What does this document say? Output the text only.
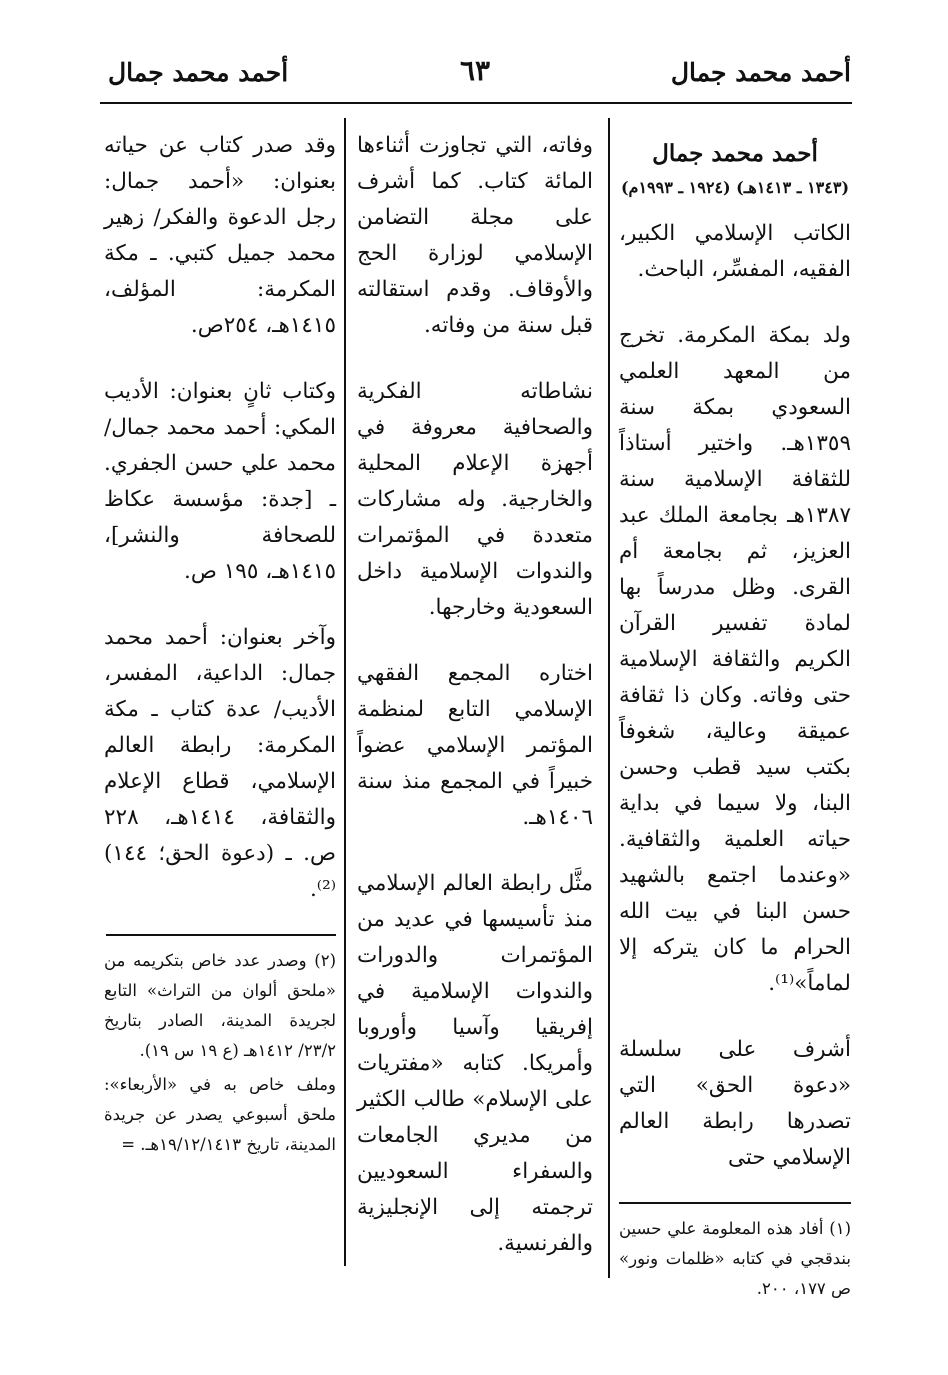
أحمد محمد جمال
٦٣
أحمد محمد جمال
أحمد محمد جمال
(١٣٤٣ ـ ١٤١٣هـ) (١٩٢٤ ـ ١٩٩٣م)

الكاتب الإسلامي الكبير، الفقيه، المفسِّر، الباحث.

ولد بمكة المكرمة. تخرج من المعهد العلمي السعودي بمكة سنة ١٣٥٩هـ. واختير أستاذاً للثقافة الإسلامية سنة ١٣٨٧هـ بجامعة الملك عبد العزيز، ثم بجامعة أم القرى. وظل مدرساً بها لمادة تفسير القرآن الكريم والثقافة الإسلامية حتى وفاته. وكان ذا ثقافة عميقة وعالية، شغوفاً بكتب سيد قطب وحسن البنا، ولا سيما في بداية حياته العلمية والثقافية. «وعندما اجتمع بالشهيد حسن البنا في بيت الله الحرام ما كان يتركه إلا لماماً»⁽¹⁾.

أشرف على سلسلة «دعوة الحق» التي تصدرها رابطة العالم الإسلامي حتى

(١) أفاد هذه المعلومة علي حسين بندقجي في كتابه «ظلمات ونور» ص ١٧٧، ٢٠٠.

وفاته، التي تجاوزت أثناءها المائة كتاب. كما أشرف على مجلة التضامن الإسلامي لوزارة الحج والأوقاف. وقدم استقالته قبل سنة من وفاته.

نشاطاته الفكرية والصحافية معروفة في أجهزة الإعلام المحلية والخارجية. وله مشاركات متعددة في المؤتمرات والندوات الإسلامية داخل السعودية وخارجها.

اختاره المجمع الفقهي الإسلامي التابع لمنظمة المؤتمر الإسلامي عضواً خبيراً في المجمع منذ سنة ١٤٠٦هـ.

مثَّل رابطة العالم الإسلامي منذ تأسيسها في عديد من المؤتمرات والدورات والندوات الإسلامية في إفريقيا وآسيا وأوروبا وأمريكا. كتابه «مفتريات على الإسلام» طالب الكثير من مديري الجامعات والسفراء السعوديين ترجمته إلى الإنجليزية والفرنسية.

وقد صدر كتاب عن حياته بعنوان: «أحمد جمال: رجل الدعوة والفكر/ زهير محمد جميل كتبي. ـ مكة المكرمة: المؤلف، ١٤١٥هـ، ٢٥٤ص.

وكتاب ثانٍ بعنوان: الأديب المكي: أحمد محمد جمال/ محمد علي حسن الجفري. ـ [جدة: مؤسسة عكاظ للصحافة والنشر]، ١٤١٥هـ، ١٩٥ ص.

وآخر بعنوان: أحمد محمد جمال: الداعية، المفسر، الأديب/ عدة كتاب ـ مكة المكرمة: رابطة العالم الإسلامي، قطاع الإعلام والثقافة، ١٤١٤هـ، ٢٢٨ ص. ـ (دعوة الحق؛ ١٤٤)⁽²⁾.

(٢) وصدر عدد خاص بتكريمه من «ملحق ألوان من التراث» التابع لجريدة المدينة، الصادر بتاريخ ٢٣/٢/ ١٤١٢هـ (ع ١٩ س ١٩).

وملف خاص به في «الأربعاء»: ملحق أسبوعي يصدر عن جريدة المدينة، تاريخ ١٩/١٢/١٤١٣هـ. =
